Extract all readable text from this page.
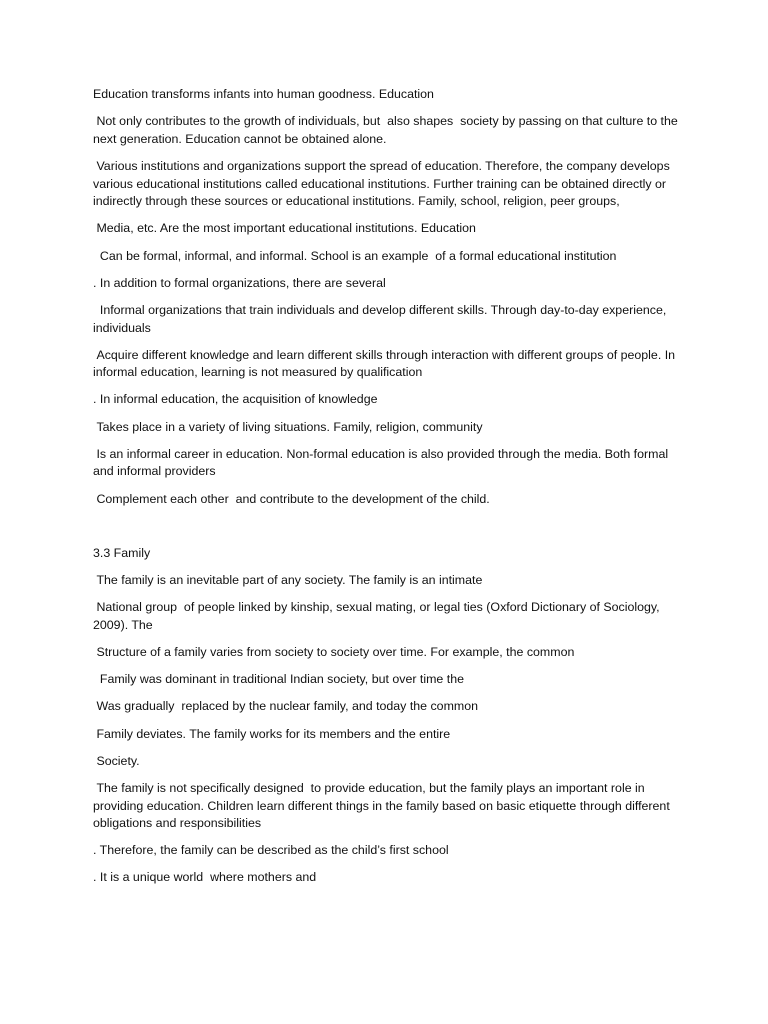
Education transforms infants into human goodness. Education

Not only contributes to the growth of individuals, but  also shapes  society by passing on that culture to the next generation. Education cannot be obtained alone.

Various institutions and organizations support the spread of education. Therefore, the company develops various educational institutions called educational institutions. Further training can be obtained directly or  indirectly through these sources or educational institutions. Family, school, religion, peer groups,

Media, etc. Are the most important educational institutions. Education

Can be formal, informal, and informal. School is an example  of a formal educational institution

. In addition to formal organizations, there are several

Informal organizations that train individuals and develop different skills. Through day-to-day experience, individuals

Acquire different knowledge and learn different skills through interaction with different groups of people. In informal education, learning is not measured by qualification

. In informal education, the acquisition of knowledge

Takes place in a variety of living situations. Family, religion, community

Is an informal career in education. Non-formal education is also provided through the media. Both formal and informal providers

Complement each other  and contribute to the development of the child.

3.3 Family

The family is an inevitable part of any society. The family is an intimate

National group  of people linked by kinship, sexual mating, or legal ties (Oxford Dictionary of Sociology, 2009). The

Structure of a family varies from society to society over time. For example, the common

Family was dominant in traditional Indian society, but over time the

Was gradually  replaced by the nuclear family, and today the common

Family deviates. The family works for its members and the entire

Society.

The family is not specifically designed  to provide education, but the family plays an important role in providing education. Children learn different things in the family based on basic etiquette through different obligations and responsibilities

. Therefore, the family can be described as the child’s first school

. It is a unique world  where mothers and
